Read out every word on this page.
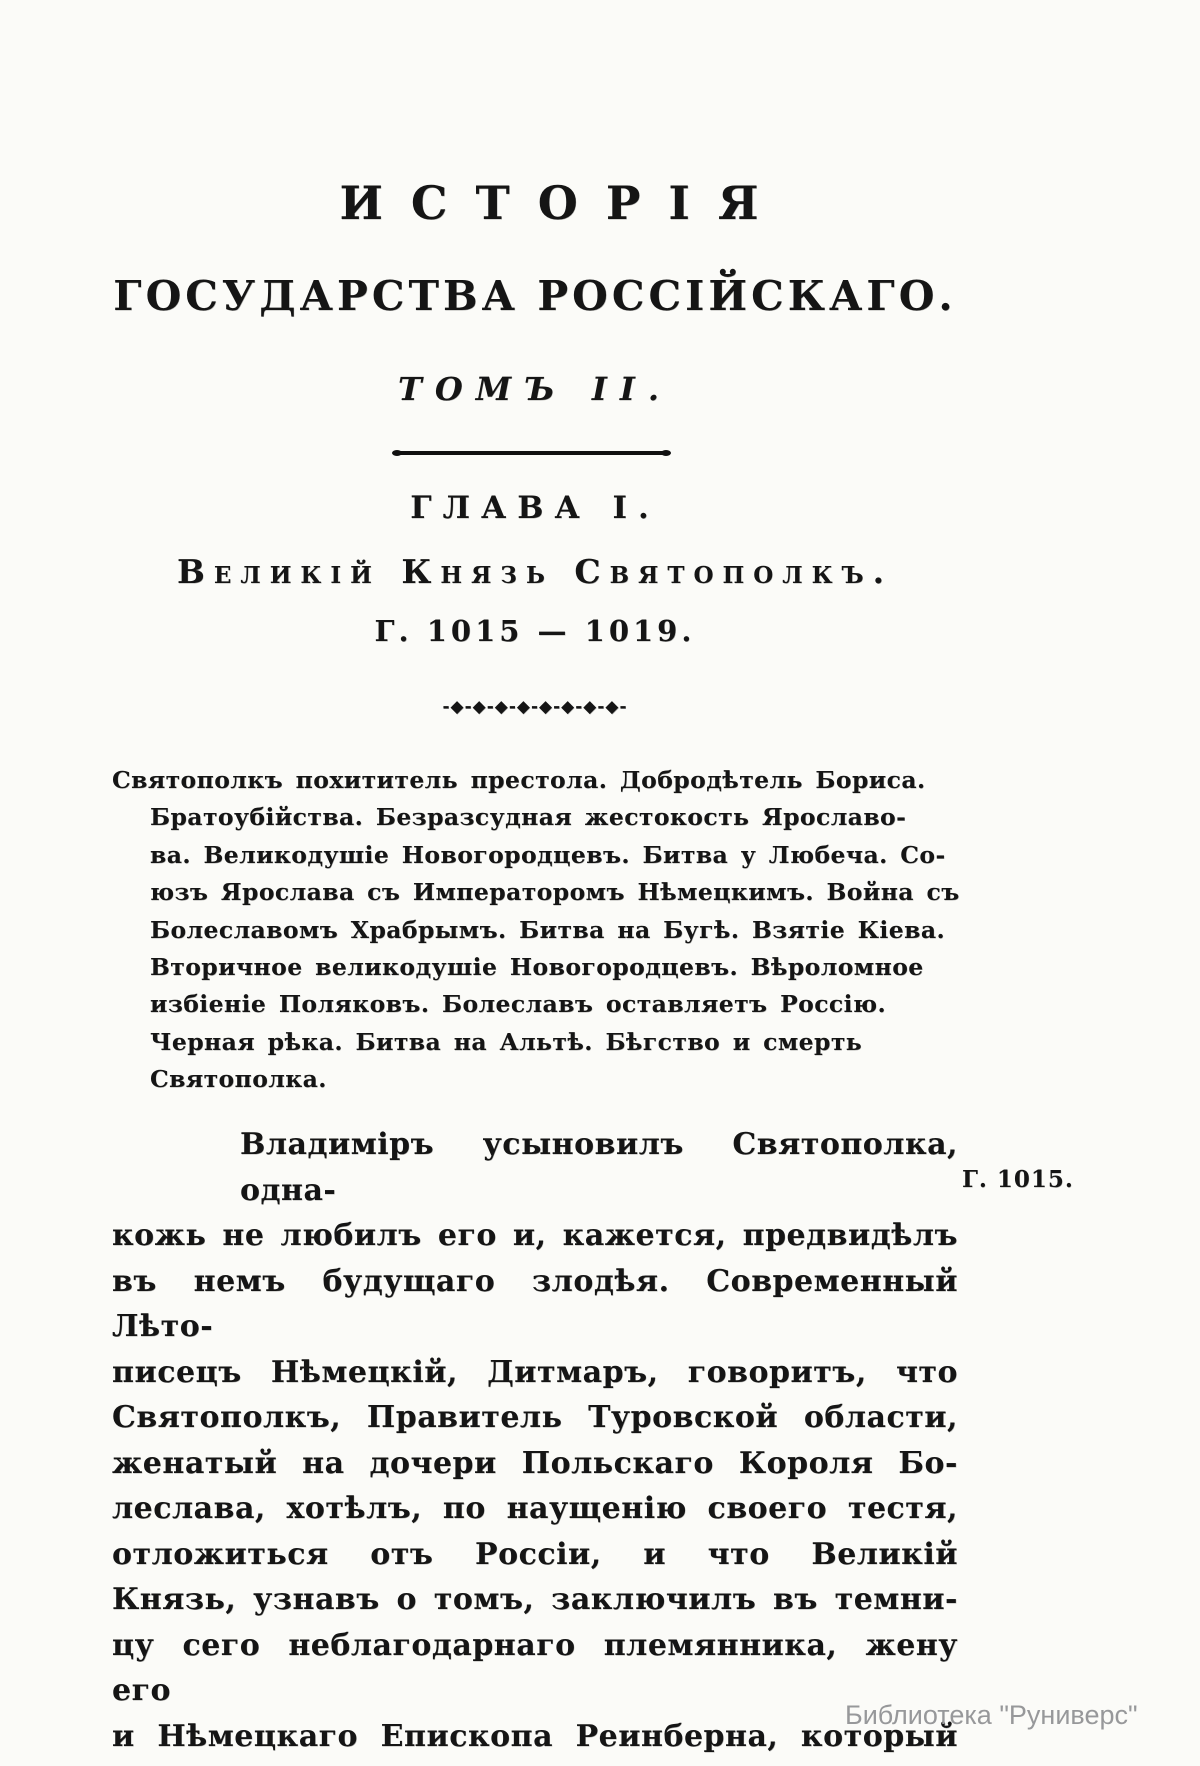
ИСТОРІЯ
ГОСУДАРСТВА РОССІЙСКАГО.
ТОМЪ II.
ГЛАВА I.
Великій Князь Святополкъ.
Г. 1015 — 1019.
-◆-◆-◆-◆-◆-◆-◆-◆-
Святополкъ похититель престола. Добродѣтель Бориса.
Братоубійства. Безразсудная жестокость Ярославо-
ва. Великодушіе Новогородцевъ. Битва у Любеча. Со-
юзъ Ярослава съ Императоромъ Нѣмецкимъ. Война съ
Болеславомъ Храбрымъ. Битва на Бугѣ. Взятіе Кіева.
Вторичное великодушіе Новогородцевъ. Вѣроломное
избіеніе Поляковъ. Болеславъ оставляетъ Россію.
Черная рѣка. Битва на Альтѣ. Бѣгство и смерть
Святополка.
Владиміръ усыновилъ Святополка, одна-
кожь не любилъ его и, кажется, предвидѣлъ
въ немъ будущаго злодѣя. Современный Лѣто-
писецъ Нѣмецкій, Дитмаръ, говоритъ, что
Святополкъ, Правитель Туровской области,
женатый на дочери Польскаго Короля Бо-
леслава, хотѣлъ, по наущенію своего тестя,
отложиться отъ Россіи, и что Великій
Князь, узнавъ о томъ, заключилъ въ темни-
цу сего неблагодарнаго племянника, жену его
и Нѣмецкаго Епископа Реинберна, который
Г. 1015.
Библиотека "Руниверс"
